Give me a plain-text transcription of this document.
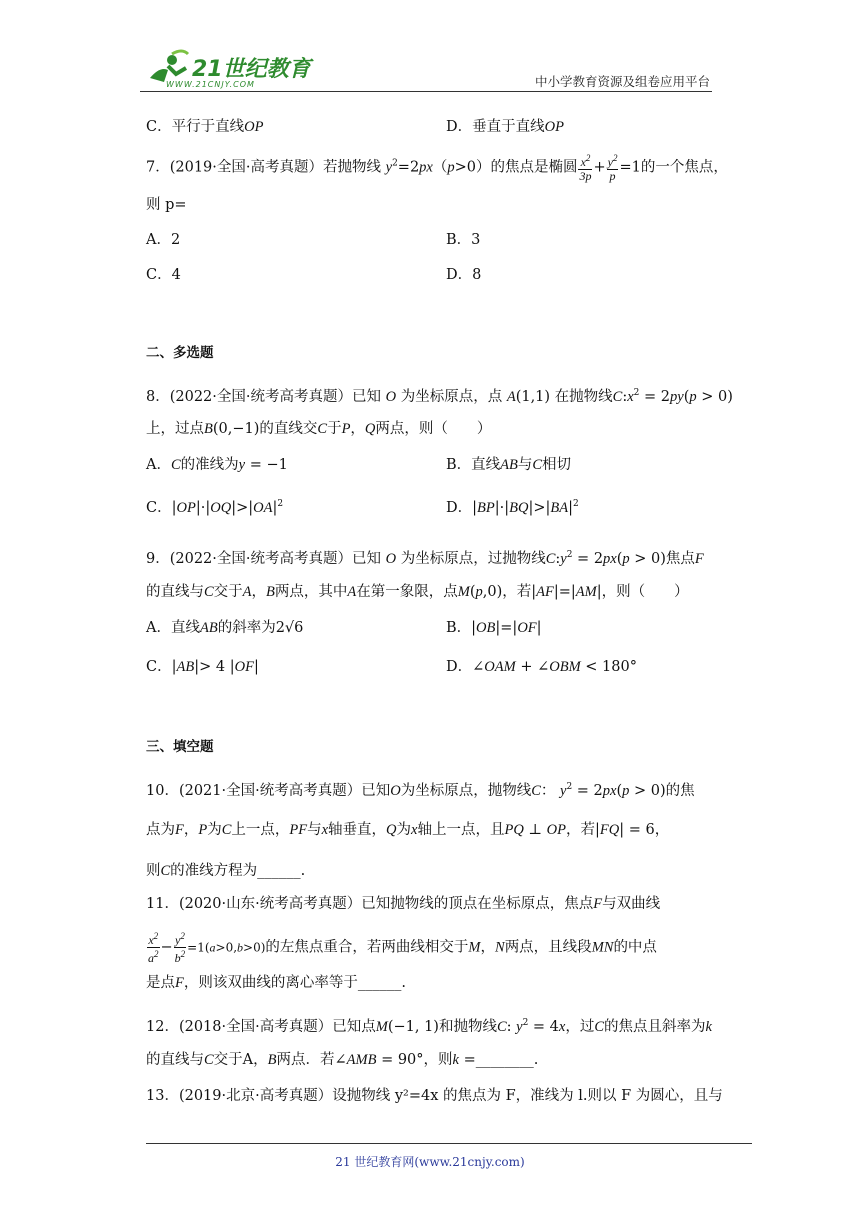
21世纪教育
WWW.21CNJY.COM	中小学教育资源及组卷应用平台
C．平行于直线OP	D．垂直于直线OP
7．(2019·全国·高考真题）若抛物线 $y^2=2px(p>0)$的焦点是椭圆 $\frac{x^2}{3p} + \frac{y^2}{p} =1$的一个焦点，
则 p=
A．2	B．3
C．4	D．8
二、多选题
8．(2022·全国·统考高考真题）已知 O 为坐标原点，点 A(1,1) 在抛物线$C:x^2 = 2py(p > 0)$
上，过点B(0,−1)的直线交C于P，Q两点，则（　　）
A．C的准线为y = −1	B．直线AB与C相切
C．$|OP|\cdot|OQ|>|OA|^2$	D．$|BP|\cdot|BQ|>|BA|^2$
9．(2022·全国·统考高考真题）已知 O 为坐标原点，过抛物线$C:y^2 = 2px(p > 0)$焦点F
的直线与C交于A，B两点，其中A在第一象限，点M(p,0)，若|AF|=|AM|，则（　　）
A．直线AB的斜率为2√6	B．|OB|=|OF|
C．|AB|> 4 |OF|	D．∠OAM + ∠OBM < 180°
三、填空题
10．(2021·全国·统考高考真题）已知O为坐标原点，抛物线C： $y^2 = 2px(p > 0)$的焦
点为F，P为C上一点，PF与x轴垂直，Q为x轴上一点，且PQ ⊥ OP，若|FQ| = 6，
则C的准线方程为______.
11．(2020·山东·统考高考真题）已知抛物线的顶点在坐标原点，焦点F与双曲线
$\frac{x^2}{a^2} - \frac{y^2}{b^2} =1(a>0,b>0)$的左焦点重合，若两曲线相交于M，N两点，且线段MN的中点
是点F，则该双曲线的离心率等于______.
12．(2018·全国·高考真题）已知点M(−1, 1)和抛物线C: $y^2 = 4x$，过C的焦点且斜率为k
的直线与C交于A，B两点．若∠AMB = 90°，则k =________.
13．(2019·北京·高考真题）设抛物线 y²=4x 的焦点为 F，准线为 l.则以 F 为圆心，且与
21 世纪教育网(www.21cnjy.com)
